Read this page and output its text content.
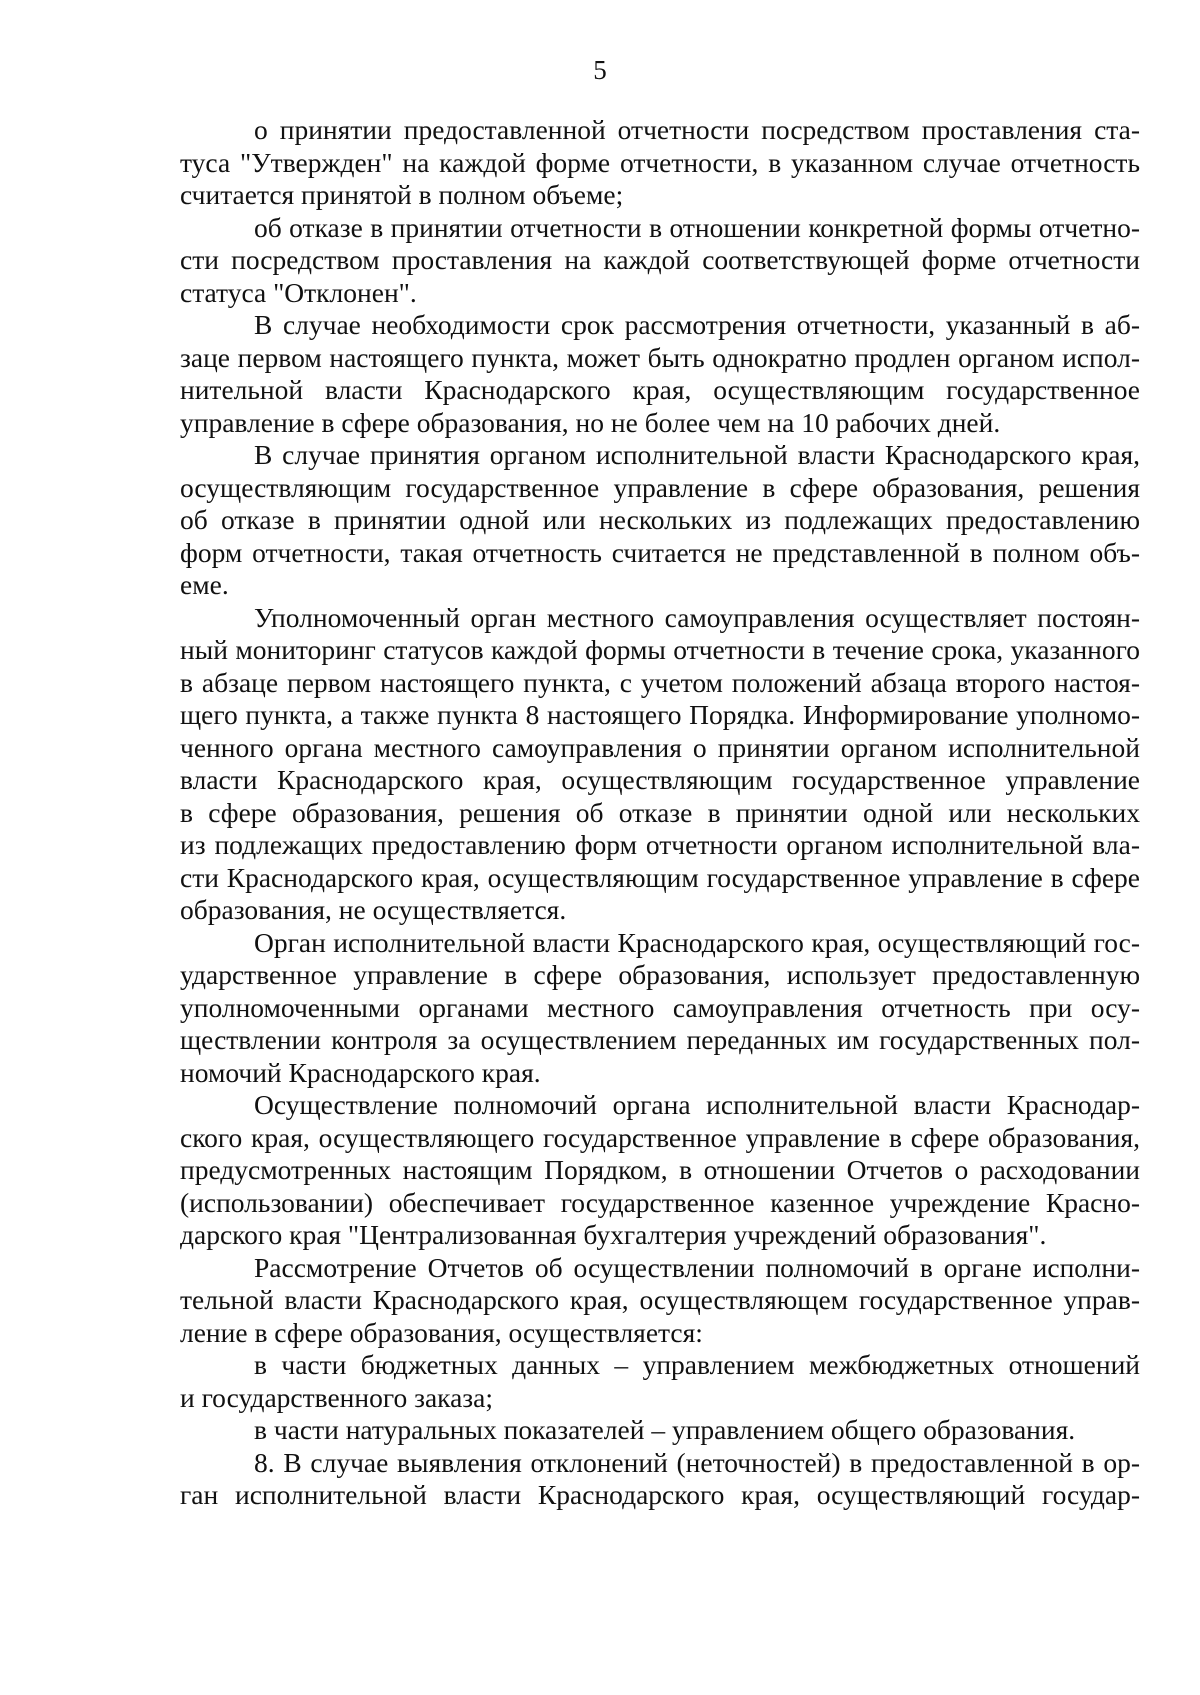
5
о принятии предоставленной отчетности посредством проставления ста-
туса "Утвержден" на каждой форме отчетности, в указанном случае отчетность
считается принятой в полном объеме;
об отказе в принятии отчетности в отношении конкретной формы отчетно-
сти посредством проставления на каждой соответствующей форме отчетности
статуса "Отклонен".
В случае необходимости срок рассмотрения отчетности, указанный в аб-
заце первом настоящего пункта, может быть однократно продлен органом испол-
нительной власти Краснодарского края, осуществляющим государственное
управление в сфере образования, но не более чем на 10 рабочих дней.
В случае принятия органом исполнительной власти Краснодарского края,
осуществляющим государственное управление в сфере образования, решения
об отказе в принятии одной или нескольких из подлежащих предоставлению
форм отчетности, такая отчетность считается не представленной в полном объ-
еме.
Уполномоченный орган местного самоуправления осуществляет постоян-
ный мониторинг статусов каждой формы отчетности в течение срока, указанного
в абзаце первом настоящего пункта, с учетом положений абзаца второго настоя-
щего пункта, а также пункта 8 настоящего Порядка. Информирование уполномо-
ченного органа местного самоуправления о принятии органом исполнительной
власти Краснодарского края, осуществляющим государственное управление
в сфере образования, решения об отказе в принятии одной или нескольких
из подлежащих предоставлению форм отчетности органом исполнительной вла-
сти Краснодарского края, осуществляющим государственное управление в сфере
образования, не осуществляется.
Орган исполнительной власти Краснодарского края, осуществляющий гос-
ударственное управление в сфере образования, использует предоставленную
уполномоченными органами местного самоуправления отчетность при осу-
ществлении контроля за осуществлением переданных им государственных пол-
номочий Краснодарского края.
Осуществление полномочий органа исполнительной власти Краснодар-
ского края, осуществляющего государственное управление в сфере образования,
предусмотренных настоящим Порядком, в отношении Отчетов о расходовании
(использовании) обеспечивает государственное казенное учреждение Красно-
дарского края "Централизованная бухгалтерия учреждений образования".
Рассмотрение Отчетов об осуществлении полномочий в органе исполни-
тельной власти Краснодарского края, осуществляющем государственное управ-
ление в сфере образования, осуществляется:
в части бюджетных данных – управлением межбюджетных отношений
и государственного заказа;
в части натуральных показателей – управлением общего образования.
8. В случае выявления отклонений (неточностей) в предоставленной в ор-
ган исполнительной власти Краснодарского края, осуществляющий государ-
